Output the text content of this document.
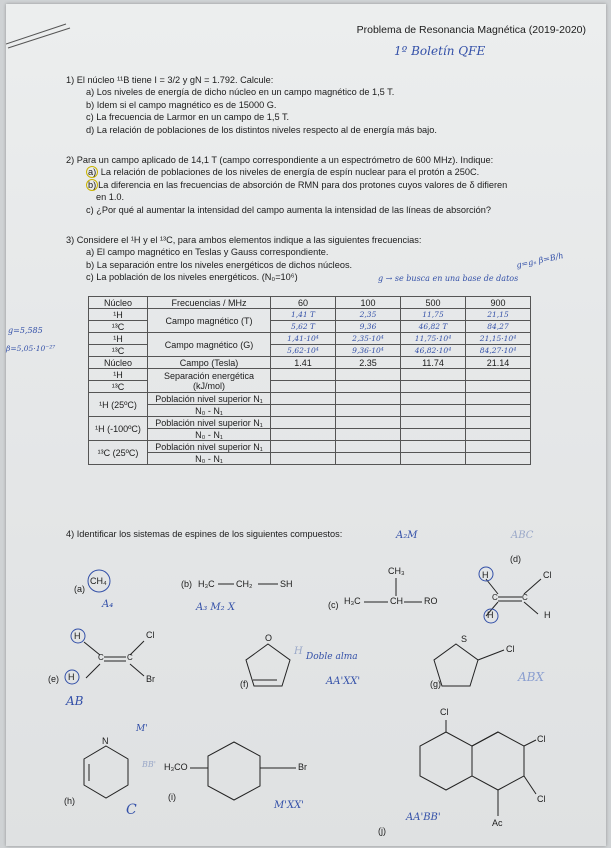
Problema de Resonancia Magnética (2019-2020)
1º Boletín QFE
1) El núcleo ¹¹B tiene I = 3/2 y gN = 1.792. Calcule:
a) Los niveles de energía de dicho núcleo en un campo magnético de 1,5 T.
b) Idem si el campo magnético es de 15000 G.
c) La frecuencia de Larmor en un campo de 1,5 T.
d) La relación de poblaciones de los distintos niveles respecto al de energía más bajo.
2) Para un campo aplicado de 14,1 T (campo correspondiente a un espectrómetro de 600 MHz). Indique:
a) La relación de poblaciones de los niveles de energía de espín nuclear para el protón a 250C.
b) La diferencia en las frecuencias de absorción de RMN para dos protones cuyos valores de δ difieren
en 1.0.
c) ¿Por qué al aumentar la intensidad del campo aumenta la intensidad de las líneas de absorción?
3) Considere el ¹H y el ¹³C, para ambos elementos indique a las siguientes frecuencias:
a) El campo magnético en Teslas y Gauss correspondiente.
b) La separación entre los niveles energéticos de dichos núcleos.
c) La población de los niveles energéticos. (N₀=10⁶)	g → se busca en una base de datos
g=gₙ β=B/h
Núcleo	Frecuencias / MHz	60	100	500	900
¹H	Campo magnético (T)	1,41 T	2,35	11,75	21,15
¹³C		5,62 T	9,36	46,82 T	84,27
¹H	Campo magnético (G)	1,41·10⁴	2,35·10⁴	11,75·10⁴	21,15·10⁴
¹³C		5,62·10⁴	9,36·10⁴	46,82·10⁴	84,27·10⁴
Núcleo	Campo (Tesla)	1.41	2.35	11.74	21.14
¹H	Separación energética (kJ/mol)				
¹³C					
¹H (25ºC)	Población nivel superior N₁				
	N₀ - N₁				
¹H (-100ºC)	Población nivel superior N₁				
	N₀ - N₁				
¹³C (25ºC)	Población nivel superior N₁				
	N₀ - N₁				
g=5,585
β=5,05·10⁻²⁷
4) Identificar los sistemas de espines de los siguientes compuestos:	A₂M	ABC
(a)
CH₄
A₄
(b) H₃C CH₂	SH
A₃ M₂ X	(c) H₃C	CH RO
CH₃
(d)
Cl
H
H	H
C	C
(e)
Cl
Br
H
H
C	C
AB
(f)
O
Doble alma
AA'XX'
H
(g)
S
Cl
ABX
(h)
N
M'
BB'
C
(i)
H₃CO	Br
M'XX'
(j)
Cl
Cl
Cl
Ac
AA'BB'
